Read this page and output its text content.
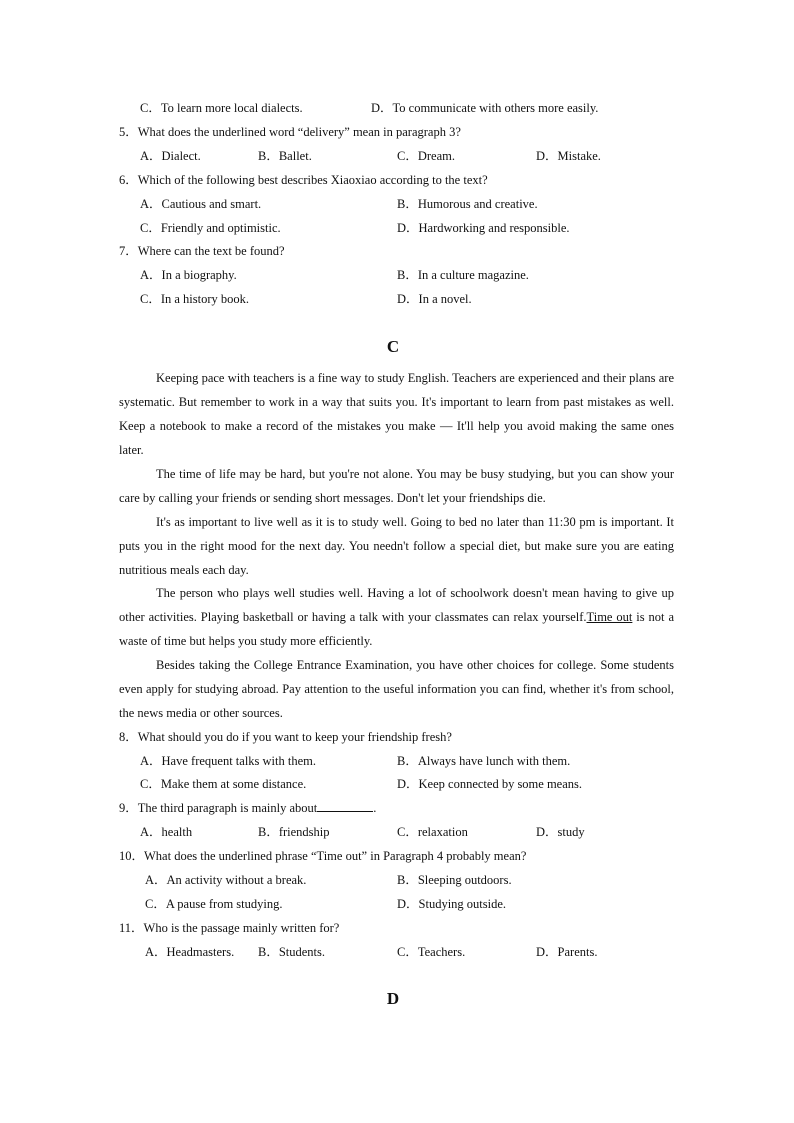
C．To learn more local dialects.	D．To communicate with others more easily.
5．What does the underlined word “delivery” mean in paragraph 3?
A．Dialect.	B．Ballet.	C．Dream.	D．Mistake.
6．Which of the following best describes Xiaoxiao according to the text?
A．Cautious and smart.	B．Humorous and creative.
C．Friendly and optimistic.	D．Hardworking and responsible.
7．Where can the text be found?
A．In a biography.	B．In a culture magazine.
C．In a history book.	D．In a novel.
C
Keeping pace with teachers is a fine way to study English. Teachers are experienced and their plans are systematic. But remember to work in a way that suits you. It's important to learn from past mistakes as well. Keep a notebook to make a record of the mistakes you make — It'll help you avoid making the same ones later.
The time of life may be hard, but you're not alone. You may be busy studying, but you can show your care by calling your friends or sending short messages. Don't let your friendships die.
It's as important to live well as it is to study well. Going to bed no later than 11:30 pm is important. It puts you in the right mood for the next day. You needn't follow a special diet, but make sure you are eating nutritious meals each day.
The person who plays well studies well. Having a lot of schoolwork doesn't mean having to give up other activities. Playing basketball or having a talk with your classmates can relax yourself.Time out is not a waste of time but helps you study more efficiently.
Besides taking the College Entrance Examination, you have other choices for college. Some students even apply for studying abroad. Pay attention to the useful information you can find, whether it's from school, the news media or other sources.
8．What should you do if you want to keep your friendship fresh?
A．Have frequent talks with them.	B．Always have lunch with them.
C．Make them at some distance.	D．Keep connected by some means.
9．The third paragraph is mainly about	.
A．health	B．friendship	C．relaxation	D．study
10．What does the underlined phrase “Time out” in Paragraph 4 probably mean?
A．An activity without a break.	B．Sleeping outdoors.
C．A pause from studying.	D．Studying outside.
11．Who is the passage mainly written for?
A．Headmasters. B．Students.	C．Teachers.	D．Parents.
D
